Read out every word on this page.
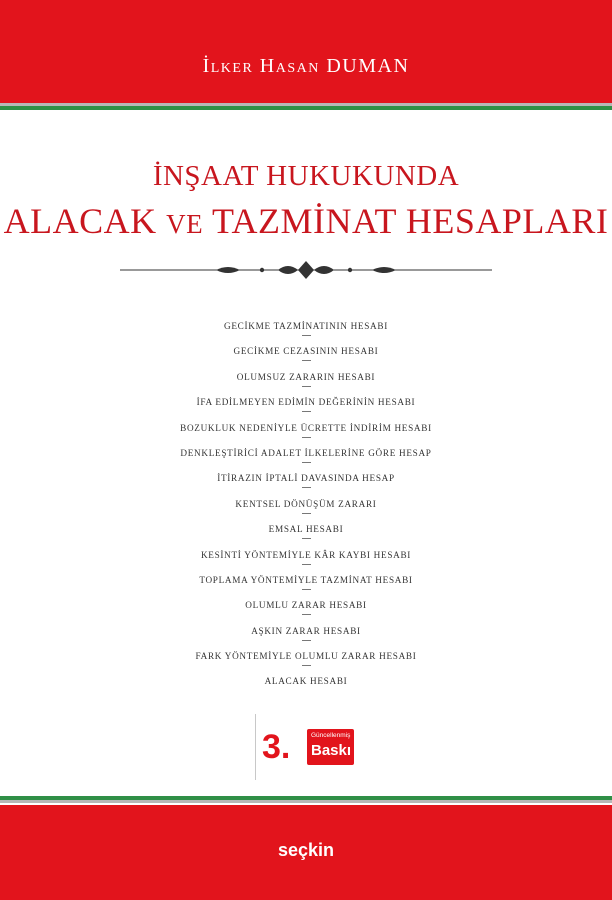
İlker Hasan DUMAN
İNŞAAT HUKUKUNDA
ALACAK VE TAZMİNAT HESAPLARI
GECİKME TAZMİNATININ HESABI
GECİKME CEZASININ HESABI
OLUMSUZ ZARARIN HESABI
İFA EDİLMEYEN EDİMİN DEĞERİNİN HESABI
BOZUKLUK NEDENİYLE ÜCRETTE İNDİRİM HESABI
DENKLEŞTİRİCİ ADALET İLKELERİNE GÖRE HESAP
İTİRAZIN İPTALİ DAVASINDA HESAP
KENTSEL DÖNÜŞÜM ZARARI
EMSAL HESABI
KESİNTİ YÖNTEMİYLE KÂR KAYBI HESABI
TOPLAMA YÖNTEMİYLE TAZMİNAT HESABI
OLUMLU ZARAR HESABI
AŞKIN ZARAR HESABI
FARK YÖNTEMİYLE OLUMLU ZARAR HESABI
ALACAK HESABI
3.	Güncellenmiş
Baskı
seçkin
